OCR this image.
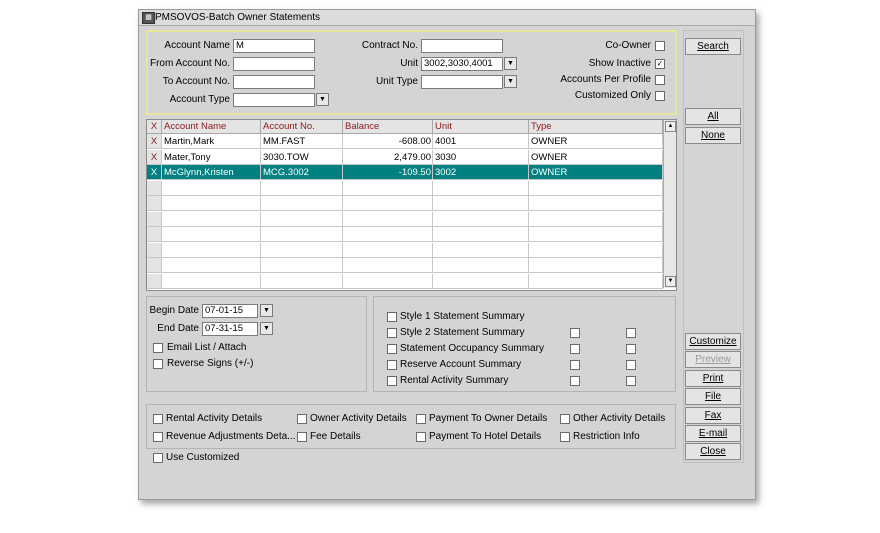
▦ PMSOVOS-Batch Owner Statements
Account Name M
From Account No.
To Account No.
Account Type	▼
Contract No.
Unit 3002,3030,4001	▼
Unit Type	▼
Co-Owner
Show Inactive ✓
Accounts Per Profile
Customized Only
X Account Name	Account No.	Balance	Unit	Type
X Martin,Mark	MM.FAST	-608.00 4001	OWNER
X Mater,Tony	3030.TOW	2,479.00 3030	OWNER
X McGlynn,Kristen	MCG.3002	-109.50 3002	OWNER
▲
▼
Begin Date 07-01-15	▼
End Date 07-31-15	▼
Email List / Attach
Reverse Signs (+/-)
Style 1 Statement Summary
Style 2 Statement Summary
Statement Occupancy Summary
Reserve Account Summary
Rental Activity Summary
Rental Activity Details	Owner Activity Details Payment To Owner Details	Other Activity Details
Revenue Adjustments Deta... Fee Details	Payment To Hotel Details	Restriction Info
Use Customized
Search
All
None
Customize
Preview
Print
File
Fax
E-mail
Close
